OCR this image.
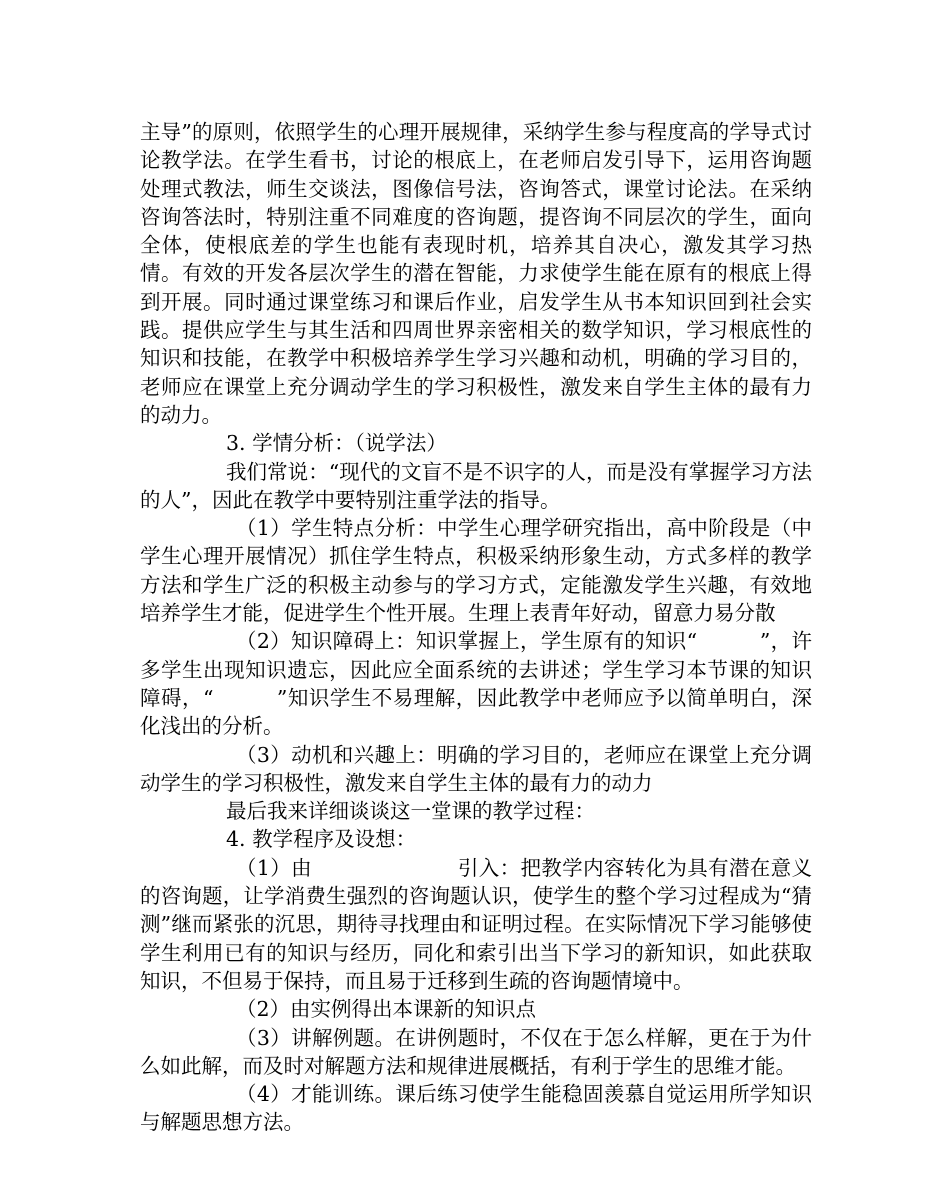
主导”的原则，依照学生的心理开展规律，采纳学生参与程度高的学导式讨论教学法。在学生看书，讨论的根底上，在老师启发引导下，运用咨询题处理式教法，师生交谈法，图像信号法，咨询答式，课堂讨论法。在采纳咨询答法时，特别注重不同难度的咨询题，提咨询不同层次的学生，面向全体，使根底差的学生也能有表现时机，培养其自决心，激发其学习热情。有效的开发各层次学生的潜在智能，力求使学生能在原有的根底上得到开展。同时通过课堂练习和课后作业，启发学生从书本知识回到社会实践。提供应学生与其生活和四周世界亲密相关的数学知识，学习根底性的知识和技能，在教学中积极培养学生学习兴趣和动机，明确的学习目的，老师应在课堂上充分调动学生的学习积极性，激发来自学生主体的最有力的动力。

3. 学情分析：（说学法）

我们常说：“现代的文盲不是不识字的人，而是没有掌握学习方法的人”，因此在教学中要特别注重学法的指导。

（1）学生特点分析：中学生心理学研究指出，高中阶段是（中学生心理开展情况）抓住学生特点，积极采纳形象生动，方式多样的教学方法和学生广泛的积极主动参与的学习方式，定能激发学生兴趣，有效地培养学生才能，促进学生个性开展。生理上表青年好动，留意力易分散

（2）知识障碍上：知识掌握上，学生原有的知识“　　　”，许多学生出现知识遗忘，因此应全面系统的去讲述；学生学习本节课的知识障碍，“　　　”知识学生不易理解，因此教学中老师应予以简单明白，深化浅出的分析。

（3）动机和兴趣上：明确的学习目的，老师应在课堂上充分调动学生的学习积极性，激发来自学生主体的最有力的动力

最后我来详细谈谈这一堂课的教学过程：

4. 教学程序及设想：

（1）由　　　　　　　引入：把教学内容转化为具有潜在意义的咨询题，让学消费生强烈的咨询题认识，使学生的整个学习过程成为“猜测”继而紧张的沉思，期待寻找理由和证明过程。在实际情况下学习能够使学生利用已有的知识与经历，同化和索引出当下学习的新知识，如此获取知识，不但易于保持，而且易于迁移到生疏的咨询题情境中。

（2）由实例得出本课新的知识点

（3）讲解例题。在讲例题时，不仅在于怎么样解，更在于为什么如此解，而及时对解题方法和规律进展概括，有利于学生的思维才能。

（4）才能训练。课后练习使学生能稳固羡慕自觉运用所学知识与解题思想方法。
